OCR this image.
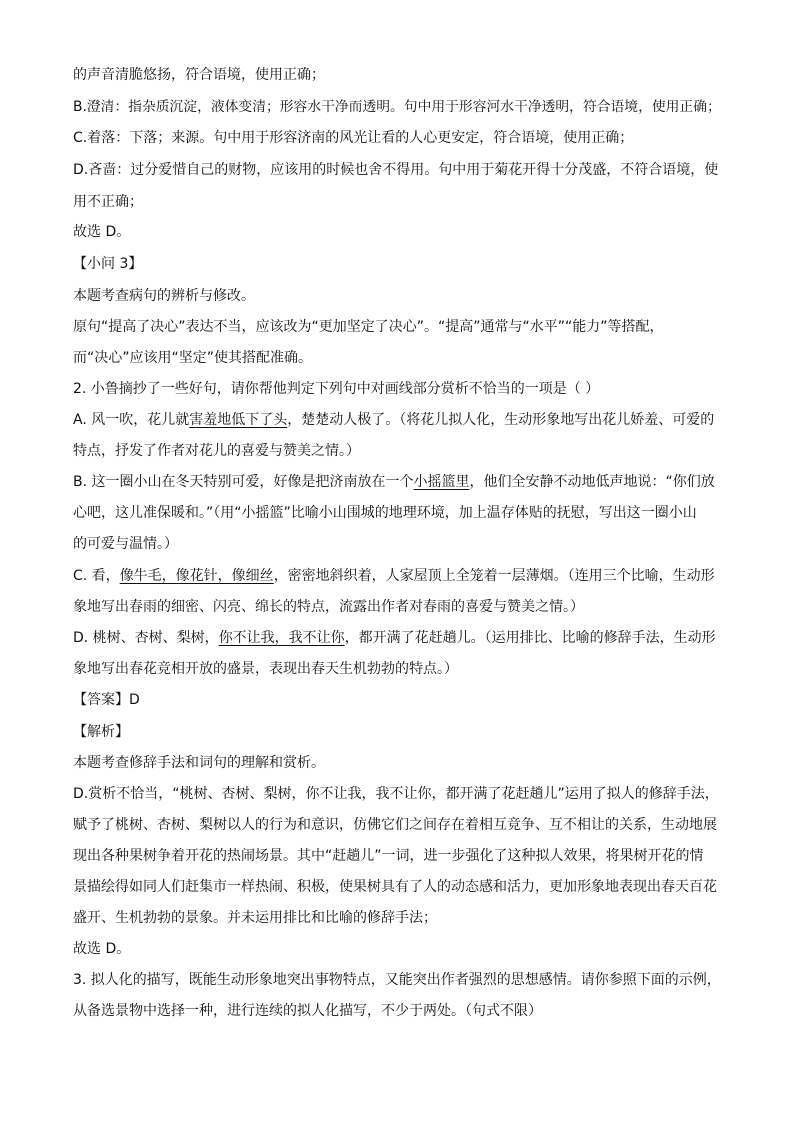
的声音清脆悠扬，符合语境，使用正确；
B.澄清：指杂质沉淀，液体变清；形容水干净而透明。句中用于形容河水干净透明，符合语境，使用正确；
C.着落：下落；来源。句中用于形容济南的风光让看的人心更安定，符合语境，使用正确；
D.吝啬：过分爱惜自己的财物，应该用的时候也舍不得用。句中用于菊花开得十分茂盛，不符合语境，使
用不正确；
故选 D。
【小问 3】
本题考查病句的辨析与修改。
原句“提高了决心”表达不当，应该改为“更加坚定了决心”。“提高”通常与“水平”“能力”等搭配，
而“决心”应该用“坚定”使其搭配准确。
2. 小鲁摘抄了一些好句，请你帮他判定下列句中对画线部分赏析不恰当的一项是（ ）
A. 风一吹，花儿就害羞地低下了头，楚楚动人极了。（将花儿拟人化，生动形象地写出花儿娇羞、可爱的
特点，抒发了作者对花儿的喜爱与赞美之情。）
B. 这一圈小山在冬天特别可爱，好像是把济南放在一个小摇篮里，他们全安静不动地低声地说：“你们放
心吧，这儿准保暖和。”（用“小摇篮”比喻小山围城的地理环境，加上温存体贴的抚慰，写出这一圈小山
的可爱与温情。）
C. 看，像牛毛，像花针，像细丝，密密地斜织着，人家屋顶上全笼着一层薄烟。（连用三个比喻，生动形
象地写出春雨的细密、闪亮、绵长的特点，流露出作者对春雨的喜爱与赞美之情。）
D. 桃树、杏树、梨树，你不让我，我不让你，都开满了花赶趟儿。（运用排比、比喻的修辞手法，生动形
象地写出春花竞相开放的盛景，表现出春天生机勃勃的特点。）
【答案】D
【解析】
本题考查修辞手法和词句的理解和赏析。
D.赏析不恰当，“桃树、杏树、梨树，你不让我，我不让你，都开满了花赶趟儿”运用了拟人的修辞手法，
赋予了桃树、杏树、梨树以人的行为和意识，仿佛它们之间存在着相互竞争、互不相让的关系，生动地展
现出各种果树争着开花的热闹场景。其中“赶趟儿”一词，进一步强化了这种拟人效果，将果树开花的情
景描绘得如同人们赶集市一样热闹、积极，使果树具有了人的动态感和活力，更加形象地表现出春天百花
盛开、生机勃勃的景象。并未运用排比和比喻的修辞手法；
故选 D。
3. 拟人化的描写，既能生动形象地突出事物特点，又能突出作者强烈的思想感情。请你参照下面的示例，
从备选景物中选择一种，进行连续的拟人化描写，不少于两处。（句式不限）
